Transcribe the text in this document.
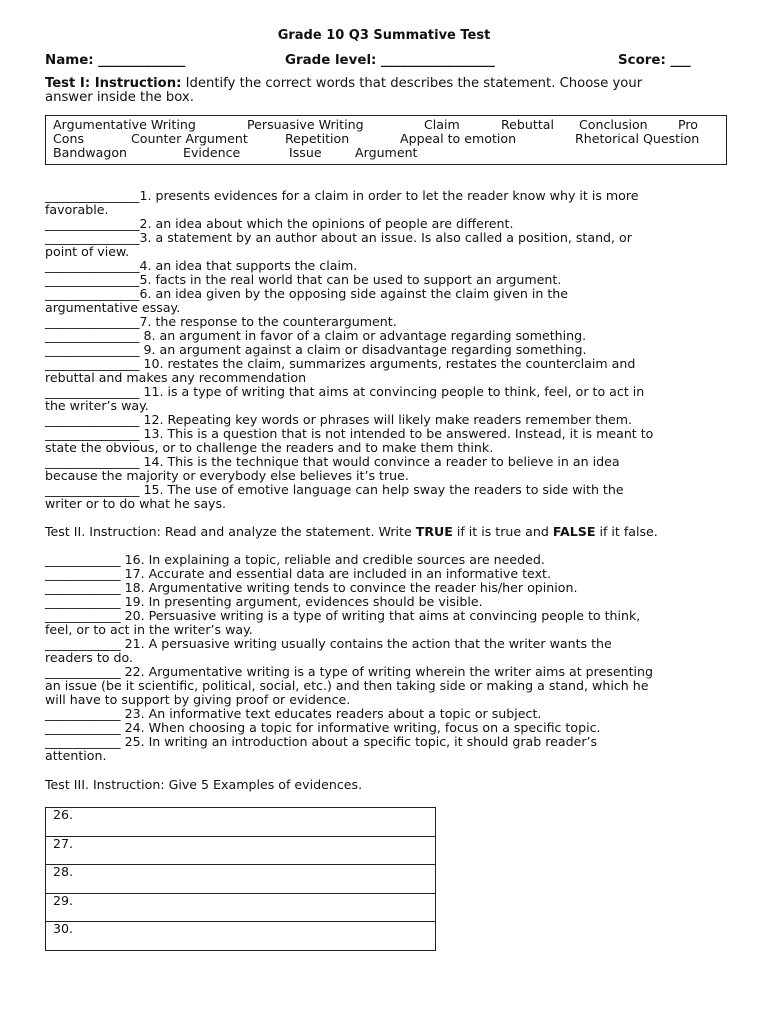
Grade 10 Q3 Summative Test
Name: _____________	Grade level: _________________	Score: ___
Test I: Instruction: Identify the correct words that describes the statement. Choose your
answer inside the box.
Argumentative Writing	Persuasive Writing	Claim	Rebuttal Conclusion Pro
Cons	Counter Argument	Repetition	Appeal to emotion	Rhetorical Question
Bandwagon	Evidence	Issue	Argument
_______________1. presents evidences for a claim in order to let the reader know why it is more
favorable.
_______________2. an idea about which the opinions of people are different.
_______________3. a statement by an author about an issue. Is also called a position, stand, or
point of view.
_______________4. an idea that supports the claim.
_______________5. facts in the real world that can be used to support an argument.
_______________6. an idea given by the opposing side against the claim given in the
argumentative essay.
_______________7. the response to the counterargument.
_______________ 8. an argument in favor of a claim or advantage regarding something.
_______________ 9. an argument against a claim or disadvantage regarding something.
_______________ 10. restates the claim, summarizes arguments, restates the counterclaim and
rebuttal and makes any recommendation
_______________ 11. is a type of writing that aims at convincing people to think, feel, or to act in
the writer’s way.
_______________ 12. Repeating key words or phrases will likely make readers remember them.
_______________ 13. This is a question that is not intended to be answered. Instead, it is meant to
state the obvious, or to challenge the readers and to make them think.
_______________ 14. This is the technique that would convince a reader to believe in an idea
because the majority or everybody else believes it’s true.
_______________ 15. The use of emotive language can help sway the readers to side with the
writer or to do what he says.
Test II. Instruction: Read and analyze the statement. Write TRUE if it is true and FALSE if it false.
____________ 16. In explaining a topic, reliable and credible sources are needed.
____________ 17. Accurate and essential data are included in an informative text.
____________ 18. Argumentative writing tends to convince the reader his/her opinion.
____________ 19. In presenting argument, evidences should be visible.
____________ 20. Persuasive writing is a type of writing that aims at convincing people to think,
feel, or to act in the writer’s way.
____________ 21. A persuasive writing usually contains the action that the writer wants the
readers to do.
____________ 22. Argumentative writing is a type of writing wherein the writer aims at presenting
an issue (be it scientific, political, social, etc.) and then taking side or making a stand, which he
will have to support by giving proof or evidence.
____________ 23. An informative text educates readers about a topic or subject.
____________ 24. When choosing a topic for informative writing, focus on a specific topic.
____________ 25. In writing an introduction about a specific topic, it should grab reader’s
attention.
Test III. Instruction: Give 5 Examples of evidences.
26.
27.
28.
29.
30.
